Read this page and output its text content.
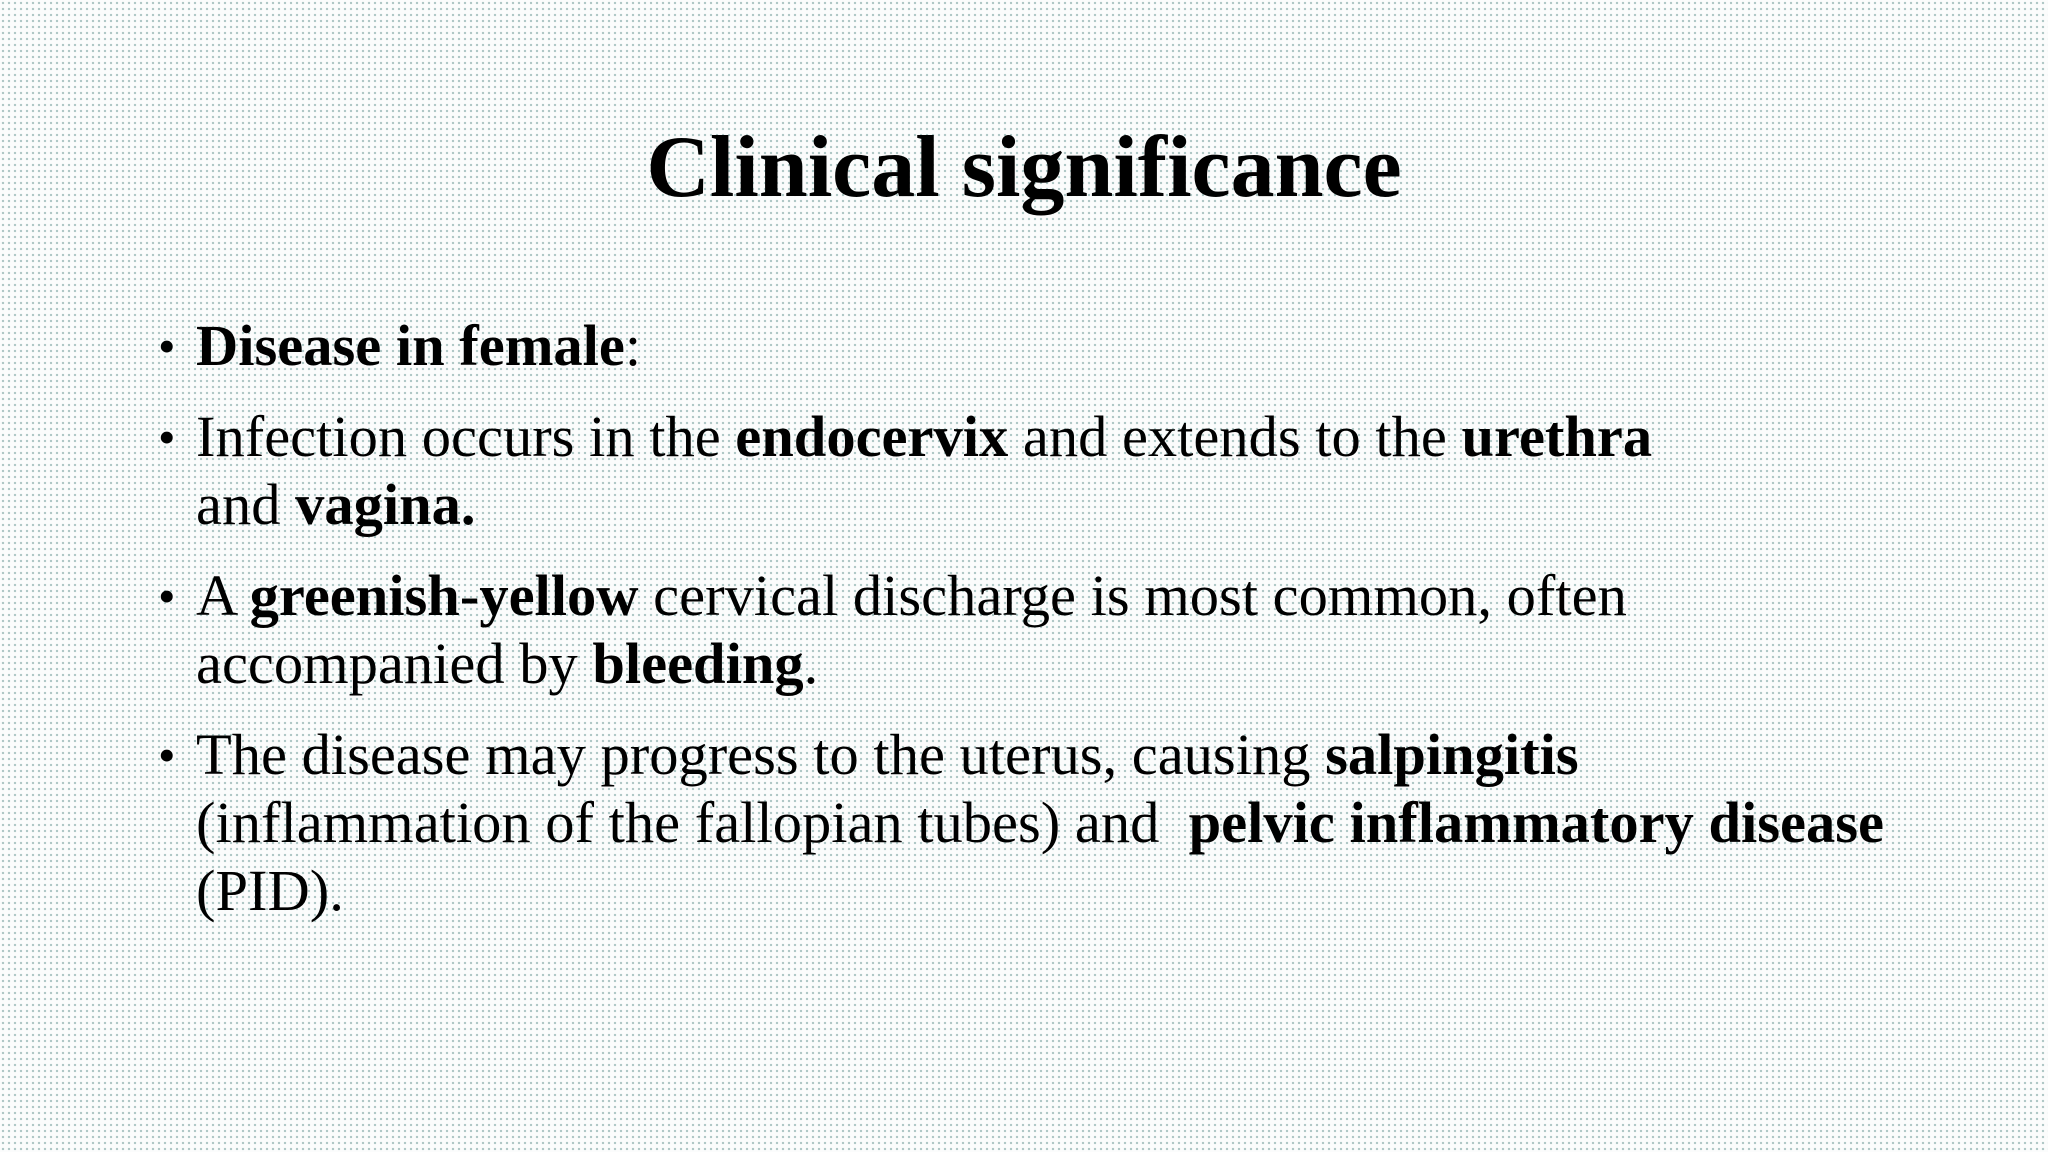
Clinical significance
• Disease in female:
• Infection occurs in the endocervix and extends to the urethra
and vagina.
• A greenish-yellow cervical discharge is most common, often accompanied by bleeding.
• The disease may progress to the uterus, causing salpingitis (inflammation of the fallopian tubes) and  pelvic inflammatory disease (PID).
